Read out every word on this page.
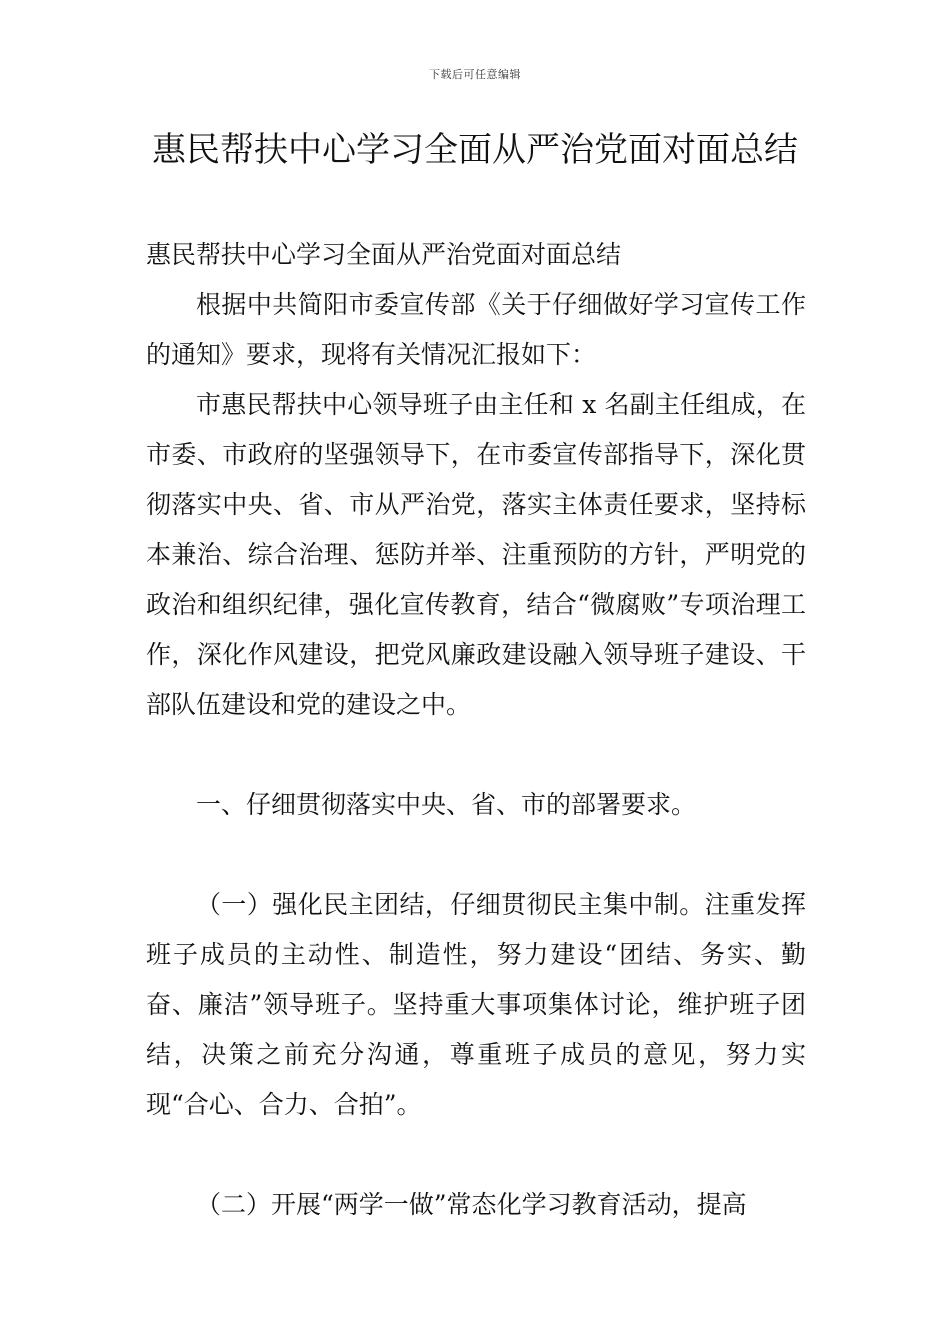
下载后可任意编辑
惠民帮扶中心学习全面从严治党面对面总结

惠民帮扶中心学习全面从严治党面对面总结

根据中共简阳市委宣传部《关于仔细做好学习宣传工作的通知》要求，现将有关情况汇报如下：

市惠民帮扶中心领导班子由主任和 x 名副主任组成，在市委、市政府的坚强领导下，在市委宣传部指导下，深化贯彻落实中央、省、市从严治党，落实主体责任要求，坚持标本兼治、综合治理、惩防并举、注重预防的方针，严明党的政治和组织纪律，强化宣传教育，结合“微腐败”专项治理工作，深化作风建设，把党风廉政建设融入领导班子建设、干部队伍建设和党的建设之中。

一、仔细贯彻落实中央、省、市的部署要求。

（一）强化民主团结，仔细贯彻民主集中制。注重发挥班子成员的主动性、制造性，努力建设“团结、务实、勤奋、廉洁”领导班子。坚持重大事项集体讨论，维护班子团结，决策之前充分沟通，尊重班子成员的意见，努力实现“合心、合力、合拍”。

（二）开展“两学一做”常态化学习教育活动，提高
